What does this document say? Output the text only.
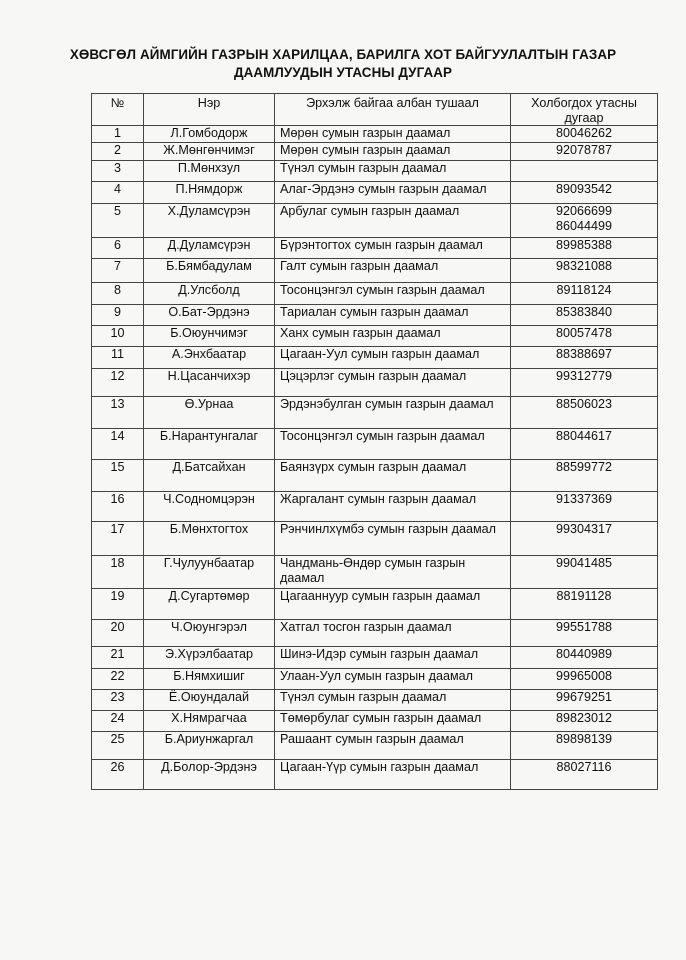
ХӨВСГӨЛ АЙМГИЙН ГАЗРЫН ХАРИЛЦАА, БАРИЛГА ХОТ БАЙГУУЛАЛТЫН ГАЗАР
ДААМЛУУДЫН УТАСНЫ ДУГААР
№	Нэр	Эрхэлж байгаа албан тушаал	Холбогдох утасны дугаар
1	Л.Гомбодорж	Мөрөн сумын газрын даамал	80046262
2	Ж.Мөнгөнчимэг	Мөрөн сумын газрын даамал	92078787
3	П.Мөнхзул	Түнэл сумын газрын даамал	
4	П.Нямдорж	Алаг-Эрдэнэ сумын газрын даамал	89093542
5	Х.Дуламсүрэн	Арбулаг сумын газрын даамал	92066699
86044499
6	Д.Дуламсүрэн	Бүрэнтогтох сумын газрын даамал	89985388
7	Б.Бямбадулам	Галт сумын газрын даамал	98321088
8	Д.Улсболд	Тосонцэнгэл сумын газрын даамал	89118124
9	О.Бат-Эрдэнэ	Тариалан сумын газрын даамал	85383840
10	Б.Оюунчимэг	Ханх сумын газрын даамал	80057478
11	А.Энхбаатар	Цагаан-Уул сумын газрын даамал	88388697
12	Н.Цасанчихэр	Цэцэрлэг сумын газрын даамал	99312779
13	Ө.Урнаа	Эрдэнэбулган сумын газрын даамал	88506023
14	Б.Нарантунгалаг	Тосонцэнгэл сумын газрын даамал	88044617
15	Д.Батсайхан	Баянзүрх сумын газрын даамал	88599772
16	Ч.Содномцэрэн	Жаргалант сумын газрын даамал	91337369
17	Б.Мөнхтогтох	Рэнчинлхүмбэ сумын газрын даамал	99304317
18	Г.Чулуунбаатар	Чандмань-Өндөр сумын газрын даамал	99041485
19	Д.Сугартөмөр	Цагааннуур сумын газрын даамал	88191128
20	Ч.Оюунгэрэл	Хатгал тосгон газрын даамал	99551788
21	Э.Хүрэлбаатар	Шинэ-Идэр сумын газрын даамал	80440989
22	Б.Нямхишиг	Улаан-Уул сумын газрын даамал	99965008
23	Ё.Оюундалай	Түнэл сумын газрын даамал	99679251
24	Х.Нямрагчаа	Төмөрбулаг сумын газрын даамал	89823012
25	Б.Ариунжаргал	Рашаант сумын газрын даамал	89898139
26	Д.Болор-Эрдэнэ	Цагаан-Үүр сумын газрын даамал	88027116
